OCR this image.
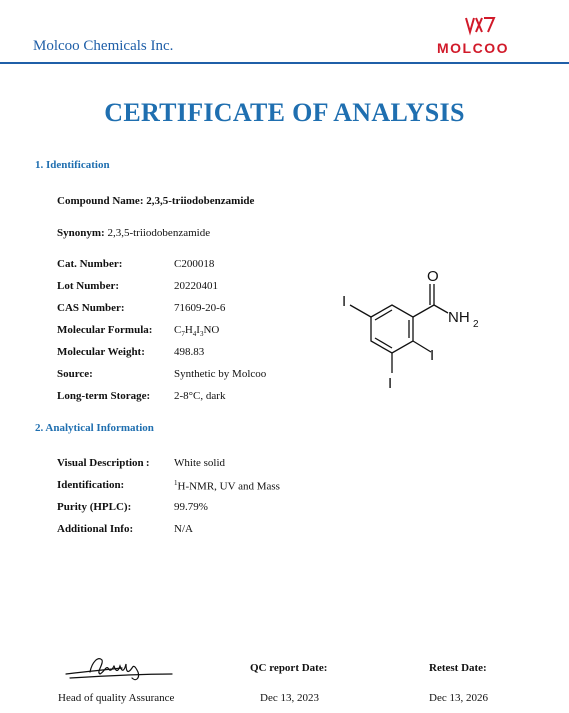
Molcoo Chemicals Inc.	MOLCOO
CERTIFICATE OF ANALYSIS
1. Identification
Compound Name: 2,3,5-triiodobenzamide
Synonym: 2,3,5-triiodobenzamide
Cat. Number:	C200018
Lot Number:	20220401
CAS Number:	71609-20-6
Molecular Formula: $C_7H_4I_3NO$
Molecular Weight:	498.83
Source:	Synthetic by Molcoo
Long-term Storage: 2-8°C, dark
O
NH 2
I
I
I
2. Analytical Information
Visual Description : White solid
Identification:	$^1$H-NMR, UV and Mass
Purity (HPLC):	99.79%
Additional Info:	N/A
Head of quality Assurance
QC report Date:
Dec 13, 2023
Retest Date:
Dec 13, 2026
